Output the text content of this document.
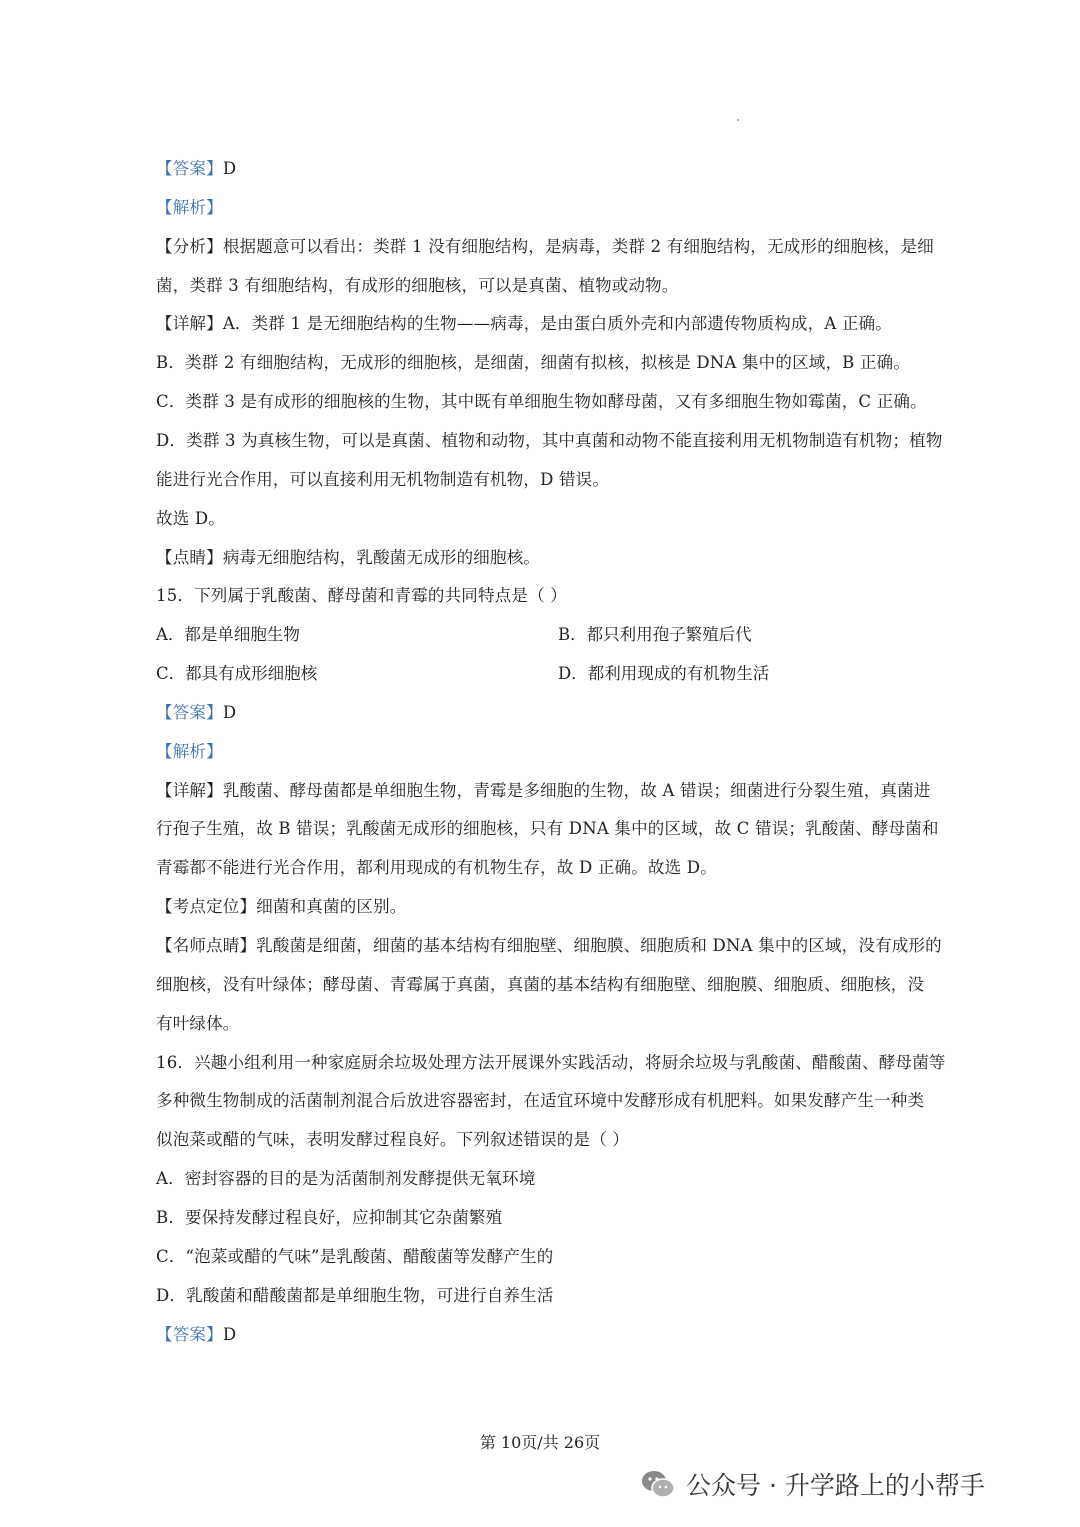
【答案】D
【解析】
【分析】根据题意可以看出：类群 1 没有细胞结构，是病毒，类群 2 有细胞结构，无成形的细胞核，是细
菌，类群 3 有细胞结构，有成形的细胞核，可以是真菌、植物或动物。
【详解】A．类群 1 是无细胞结构的生物——病毒，是由蛋白质外壳和内部遗传物质构成，A 正确。
B．类群 2 有细胞结构，无成形的细胞核，是细菌，细菌有拟核，拟核是 DNA 集中的区域，B 正确。
C．类群 3 是有成形的细胞核的生物，其中既有单细胞生物如酵母菌，又有多细胞生物如霉菌，C 正确。
D．类群 3 为真核生物，可以是真菌、植物和动物，其中真菌和动物不能直接利用无机物制造有机物；植物
能进行光合作用，可以直接利用无机物制造有机物，D 错误。
故选 D。
【点睛】病毒无细胞结构，乳酸菌无成形的细胞核。
15．下列属于乳酸菌、酵母菌和青霉的共同特点是（ ）
A．都是单细胞生物	B．都只利用孢子繁殖后代
C．都具有成形细胞核	D．都利用现成的有机物生活
【答案】D
【解析】
【详解】乳酸菌、酵母菌都是单细胞生物，青霉是多细胞的生物，故 A 错误；细菌进行分裂生殖，真菌进
行孢子生殖，故 B 错误；乳酸菌无成形的细胞核，只有 DNA 集中的区域，故 C 错误；乳酸菌、酵母菌和
青霉都不能进行光合作用，都利用现成的有机物生存，故 D 正确。故选 D。
【考点定位】细菌和真菌的区别。
【名师点睛】乳酸菌是细菌，细菌的基本结构有细胞壁、细胞膜、细胞质和 DNA 集中的区域，没有成形的
细胞核，没有叶绿体；酵母菌、青霉属于真菌，真菌的基本结构有细胞壁、细胞膜、细胞质、细胞核，没
有叶绿体。
16．兴趣小组利用一种家庭厨余垃圾处理方法开展课外实践活动，将厨余垃圾与乳酸菌、醋酸菌、酵母菌等
多种微生物制成的活菌制剂混合后放进容器密封，在适宜环境中发酵形成有机肥料。如果发酵产生一种类
似泡菜或醋的气味，表明发酵过程良好。下列叙述错误的是（ ）
A．密封容器的目的是为活菌制剂发酵提供无氧环境
B．要保持发酵过程良好，应抑制其它杂菌繁殖
C．“泡菜或醋的气味”是乳酸菌、醋酸菌等发酵产生的
D．乳酸菌和醋酸菌都是单细胞生物，可进行自养生活
【答案】D
第 10页/共 26页
公众号 · 升学路上的小帮手
